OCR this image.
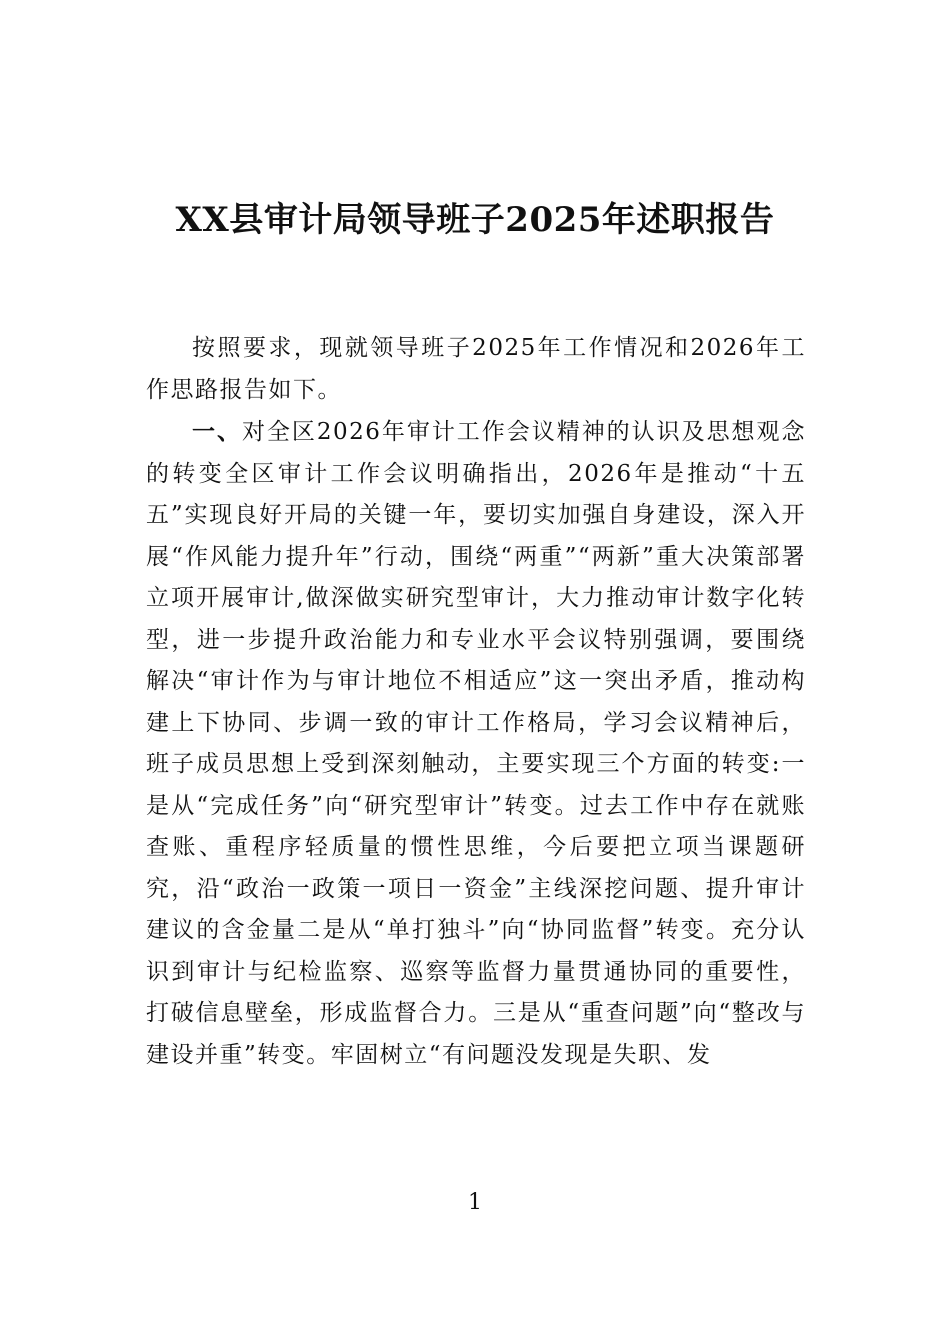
XX县审计局领导班子2025年述职报告

按照要求，现就领导班子2025年工作情况和2026年工作思路报告如下。

一、对全区2026年审计工作会议精神的认识及思想观念的转变全区审计工作会议明确指出，2026年是推动“十五五”实现良好开局的关键一年，要切实加强自身建设，深入开展“作风能力提升年”行动，围绕“两重”“两新”重大决策部署立项开展审计,做深做实研究型审计，大力推动审计数字化转型，进一步提升政治能力和专业水平会议特别强调，要围绕解决“审计作为与审计地位不相适应”这一突出矛盾，推动构建上下协同、步调一致的审计工作格局，学习会议精神后，班子成员思想上受到深刻触动，主要实现三个方面的转变:一是从“完成任务”向“研究型审计”转变。过去工作中存在就账查账、重程序轻质量的惯性思维，今后要把立项当课题研究，沿“政治一政策一项日一资金”主线深挖问题、提升审计建议的含金量二是从“单打独斗”向“协同监督”转变。充分认识到审计与纪检监察、巡察等监督力量贯通协同的重要性，打破信息壁垒，形成监督合力。三是从“重查问题”向“整改与建设并重”转变。牢固树立“有问题没发现是失职、发

1
